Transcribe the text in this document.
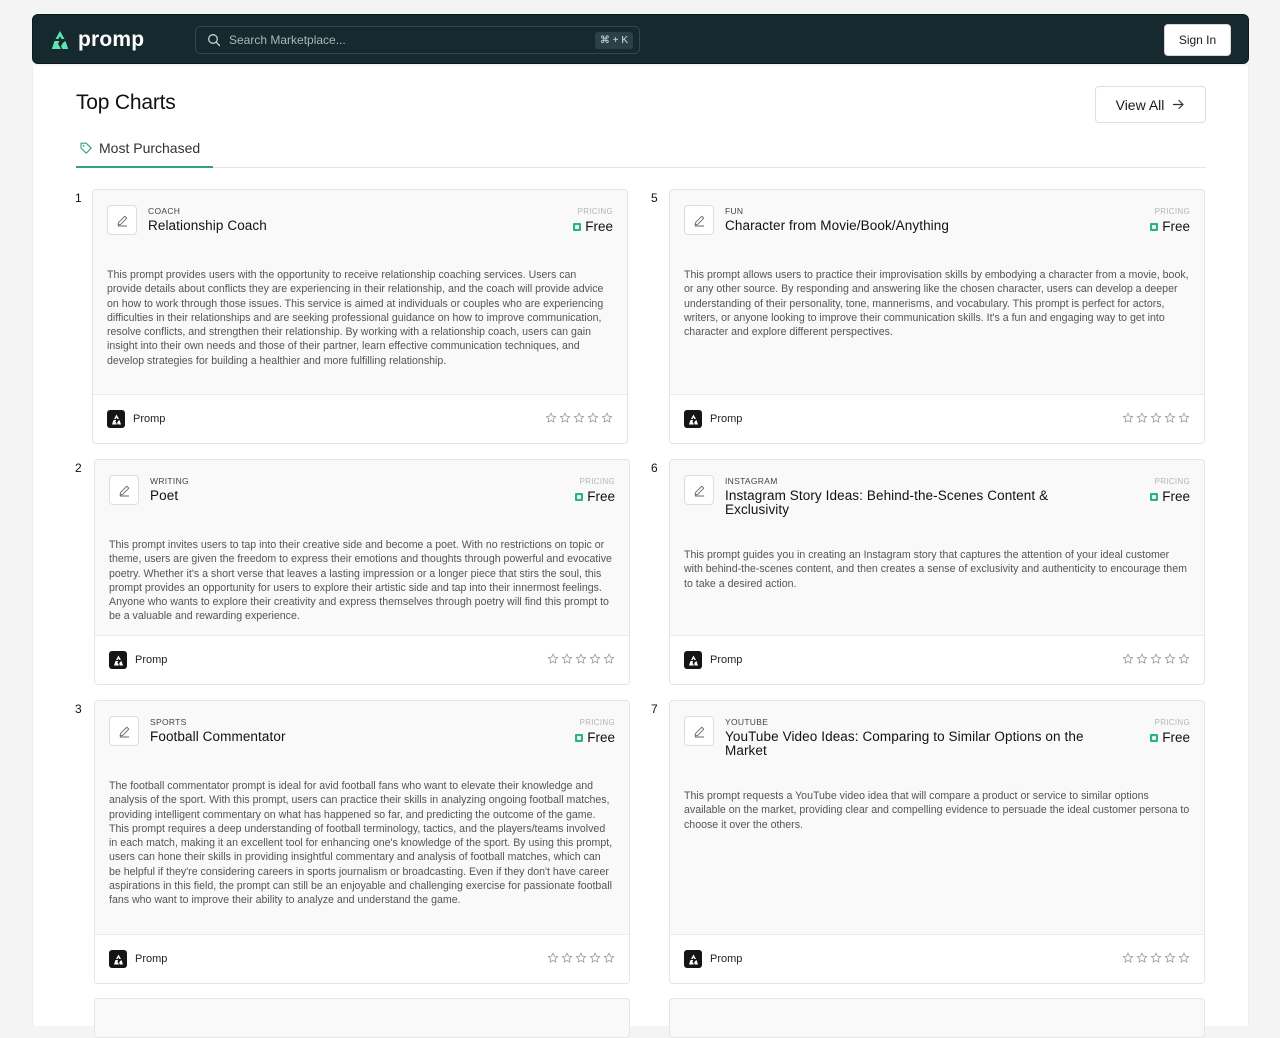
promp
Search Marketplace...	⌘ + K	Sign In
Top Charts	View All
Most Purchased
1
COACH
Relationship Coach
PRICING
Free
This prompt provides users with the opportunity to receive relationship coaching services. Users can provide details about conflicts they are experiencing in their relationship, and the coach will provide advice on how to work through those issues. This service is aimed at individuals or couples who are experiencing difficulties in their relationships and are seeking professional guidance on how to improve communication, resolve conflicts, and strengthen their relationship. By working with a relationship coach, users can gain insight into their own needs and those of their partner, learn effective communication techniques, and develop strategies for building a healthier and more fulfilling relationship.
Promp
2
WRITING
Poet
PRICING
Free
This prompt invites users to tap into their creative side and become a poet. With no restrictions on topic or theme, users are given the freedom to express their emotions and thoughts through powerful and evocative poetry. Whether it's a short verse that leaves a lasting impression or a longer piece that stirs the soul, this prompt provides an opportunity for users to explore their artistic side and tap into their innermost feelings. Anyone who wants to explore their creativity and express themselves through poetry will find this prompt to be a valuable and rewarding experience.
Promp
3
SPORTS
Football Commentator
PRICING
Free
The football commentator prompt is ideal for avid football fans who want to elevate their knowledge and analysis of the sport. With this prompt, users can practice their skills in analyzing ongoing football matches, providing intelligent commentary on what has happened so far, and predicting the outcome of the game. This prompt requires a deep understanding of football terminology, tactics, and the players/teams involved in each match, making it an excellent tool for enhancing one's knowledge of the sport. By using this prompt, users can hone their skills in providing insightful commentary and analysis of football matches, which can be helpful if they're considering careers in sports journalism or broadcasting. Even if they don't have career aspirations in this field, the prompt can still be an enjoyable and challenging exercise for passionate football fans who want to improve their ability to analyze and understand the game.
Promp
5
FUN
Character from Movie/Book/Anything
PRICING
Free
This prompt allows users to practice their improvisation skills by embodying a character from a movie, book, or any other source. By responding and answering like the chosen character, users can develop a deeper understanding of their personality, tone, mannerisms, and vocabulary. This prompt is perfect for actors, writers, or anyone looking to improve their communication skills. It's a fun and engaging way to get into character and explore different perspectives.
Promp
6
INSTAGRAM
Instagram Story Ideas: Behind-the-Scenes Content & Exclusivity
PRICING
Free
This prompt guides you in creating an Instagram story that captures the attention of your ideal customer with behind-the-scenes content, and then creates a sense of exclusivity and authenticity to encourage them to take a desired action.
Promp
7
YOUTUBE
YouTube Video Ideas: Comparing to Similar Options on the Market
PRICING
Free
This prompt requests a YouTube video idea that will compare a product or service to similar options available on the market, providing clear and compelling evidence to persuade the ideal customer persona to choose it over the others.
Promp
